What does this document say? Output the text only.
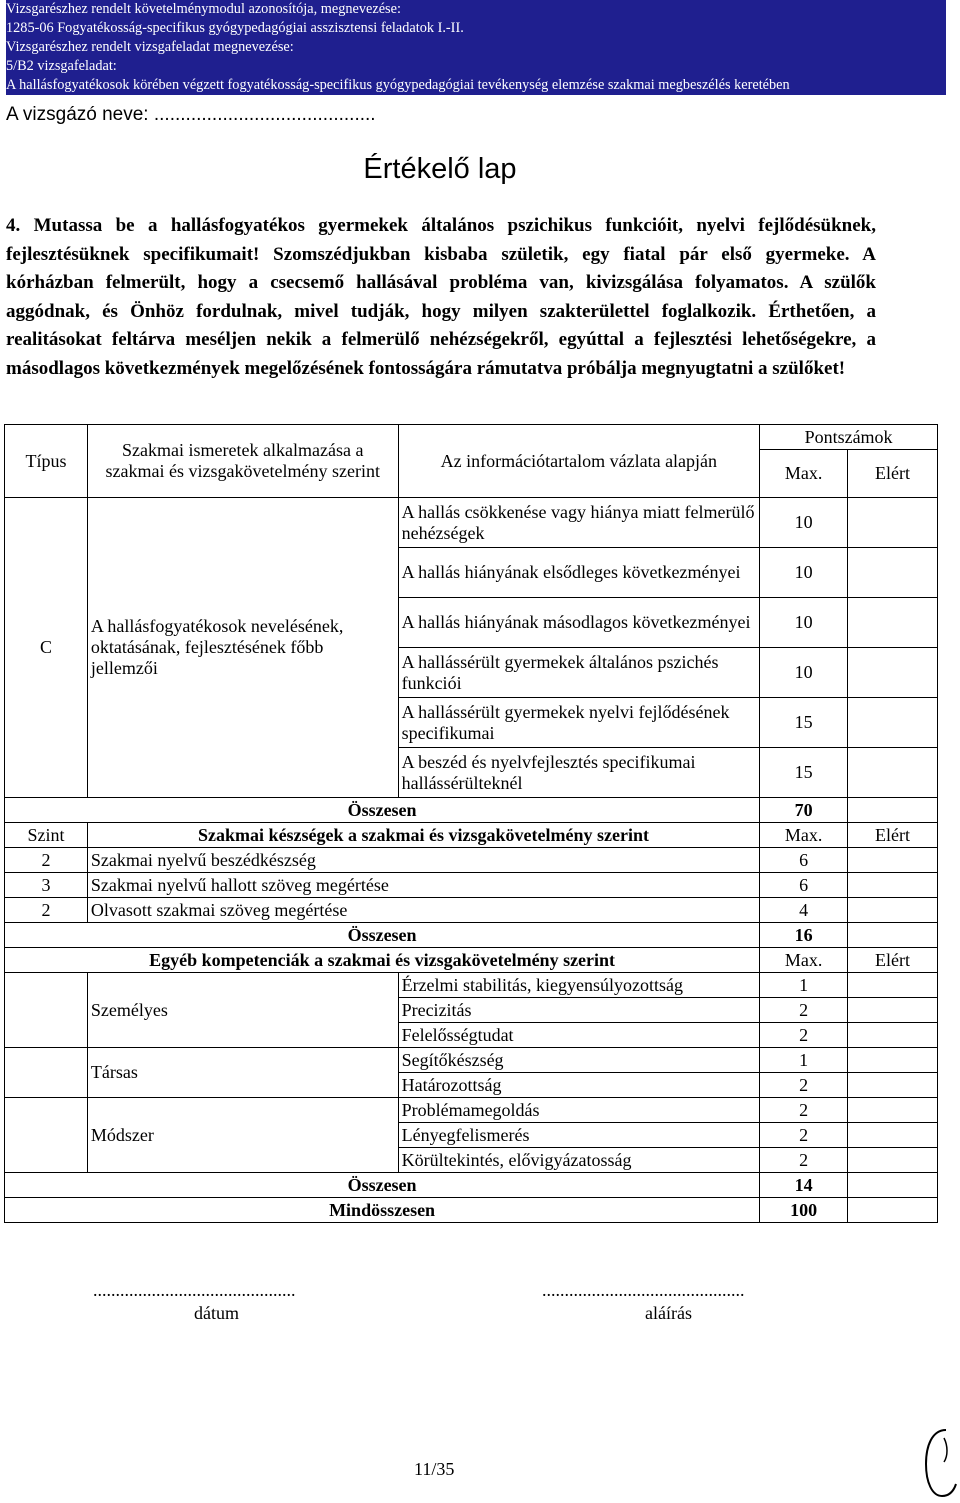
Vizsgarészhez rendelt követelménymodul azonosítója, megnevezése:
1285-06 Fogyatékosság-specifikus gyógypedagógiai asszisztensi feladatok I.-II.
Vizsgarészhez rendelt vizsgafeladat megnevezése:
5/B2 vizsgafeladat:
A hallásfogyatékosok körében végzett fogyatékosság-specifikus gyógypedagógiai tevékenység elemzése szakmai megbeszélés keretében
A vizsgázó neve: ..........................................
Értékelő lap

4. Mutassa be a hallásfogyatékos gyermekek általános pszichikus funkcióit, nyelvi fejlődésüknek, fejlesztésüknek specifikumait! Szomszédjukban kisbaba születik, egy fiatal pár első gyermeke. A kórházban felmerült, hogy a csecsemő hallásával probléma van, kivizsgálása folyamatos. A szülők aggódnak, és Önhöz fordulnak, mivel tudják, hogy milyen szakterülettel foglalkozik. Érthetően, a realitásokat feltárva meséljen nekik a felmerülő nehézségekről, egyúttal a fejlesztési lehetőségekre, a másodlagos következmények megelőzésének fontosságára rámutatva próbálja megnyugtatni a szülőket!

Típus	Szakmai ismeretek alkalmazása a szakmai és vizsgakövetelmény szerint	Az információtartalom vázlata alapján	Pontszámok	
			Max.	Elért
C	A hallásfogyatékosok nevelésének, oktatásának, fejlesztésének főbb jellemzői	A hallás csökkenése vagy hiánya miatt felmerülő nehézségek	10	
		A hallás hiányának elsődleges következményei	10	
		A hallás hiányának másodlagos következményei	10	
		A hallássérült gyermekek általános pszichés funkciói	10	
		A hallássérült gyermekek nyelvi fejlődésének specifikumai	15	
		A beszéd és nyelvfejlesztés specifikumai hallássérülteknél	15	
Összesen			70	
Szint	Szakmai készségek a szakmai és vizsgakövetelmény szerint		Max.	Elért
2	Szakmai nyelvű beszédkészség		6	
3	Szakmai nyelvű hallott szöveg megértése		6	
2	Olvasott szakmai szöveg megértése		4	
Összesen			16	
Egyéb kompetenciák a szakmai és vizsgakövetelmény szerint			Max.	Elért
	Személyes	Érzelmi stabilitás, kiegyensúlyozottság	1	
		Precizitás	2	
		Felelősségtudat	2	
	Társas	Segítőkészség	1	
		Határozottság	2	
	Módszer	Problémamegoldás	2	
		Lényegfelismerés	2	
		Körültekintés, elővigyázatosság	2	
Összesen			14	
Mindösszesen			100	
.............................................
dátum
.............................................
aláírás
11/35
